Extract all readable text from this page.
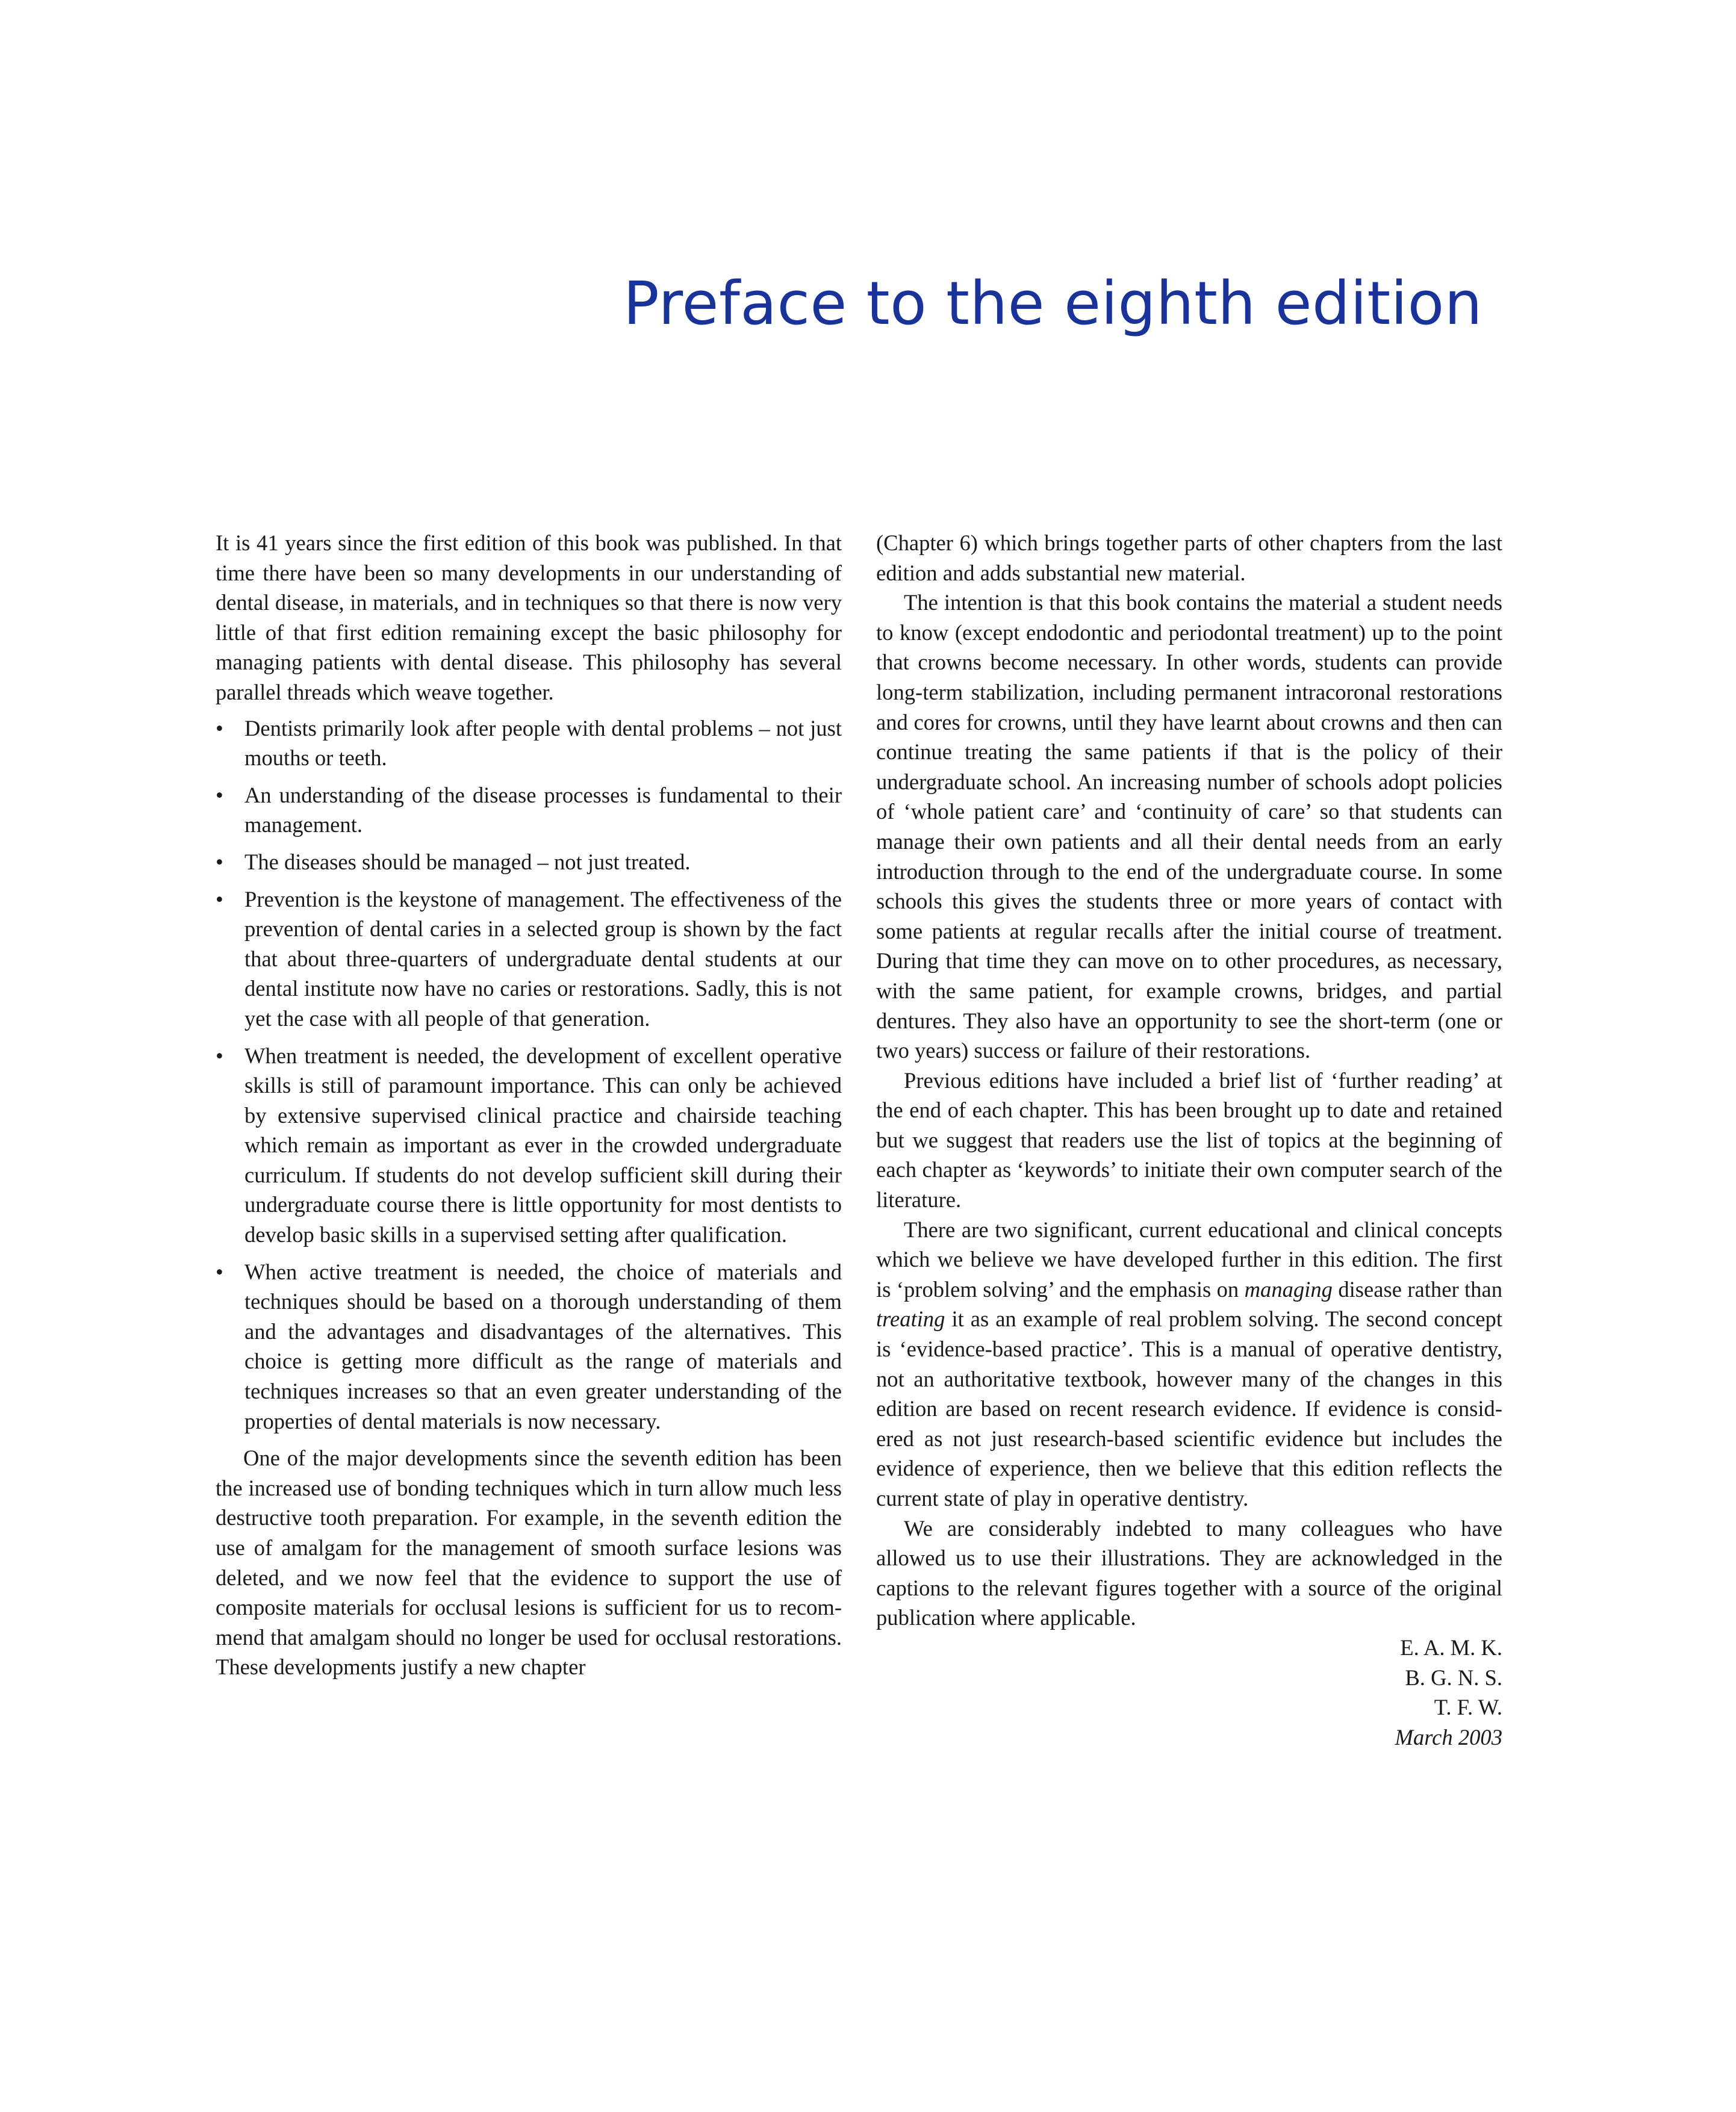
Preface to the eighth edition

It is 41 years since the first edition of this book was published. In that time there have been so many developments in our understanding of dental disease, in materials, and in techniques so that there is now very little of that first edition remaining except the basic philosophy for managing patients with dental disease. This philosophy has several parallel threads which weave together.

• Dentists primarily look after people with dental problems – not just mouths or teeth.
• An understanding of the disease processes is fundamental to their management.
• The diseases should be managed – not just treated.
• Prevention is the keystone of management. The effectiveness of the prevention of dental caries in a selected group is shown by the fact that about three-quarters of undergraduate dental students at our dental institute now have no caries or restorations. Sadly, this is not yet the case with all people of that generation.
• When treatment is needed, the development of excellent operative skills is still of paramount importance. This can only be achieved by extensive supervised clinical practice and chairside teaching which remain as important as ever in the crowded undergraduate curriculum. If students do not develop sufficient skill during their undergraduate course there is little opportunity for most dentists to develop basic skills in a supervised setting after qualification.
• When active treatment is needed, the choice of materials and techniques should be based on a thorough understanding of them and the advantages and disadvantages of the alternatives. This choice is getting more difficult as the range of materials and techniques increases so that an even greater understanding of the properties of dental materials is now necessary.

One of the major developments since the seventh edition has been the increased use of bonding techniques which in turn allow much less destructive tooth preparation. For example, in the seventh edition the use of amalgam for the management of smooth surface lesions was deleted, and we now feel that the evidence to support the use of composite materials for occlusal lesions is sufficient for us to recommend that amalgam should no longer be used for occlusal restorations. These developments justify a new chapter

(Chapter 6) which brings together parts of other chapters from the last edition and adds substantial new material.

The intention is that this book contains the material a student needs to know (except endodontic and periodontal treatment) up to the point that crowns become necessary. In other words, students can provide long-term stabilization, including permanent intracoronal restorations and cores for crowns, until they have learnt about crowns and then can continue treating the same patients if that is the policy of their undergraduate school. An increasing number of schools adopt policies of ‘whole patient care’ and ‘continuity of care’ so that students can manage their own patients and all their dental needs from an early introduction through to the end of the undergraduate course. In some schools this gives the students three or more years of contact with some patients at regular recalls after the initial course of treatment. During that time they can move on to other procedures, as necessary, with the same patient, for example crowns, bridges, and partial dentures. They also have an opportunity to see the short-term (one or two years) success or failure of their restorations.

Previous editions have included a brief list of ‘further reading’ at the end of each chapter. This has been brought up to date and retained but we suggest that readers use the list of topics at the beginning of each chapter as ‘keywords’ to initiate their own computer search of the literature.

There are two significant, current educational and clinical concepts which we believe we have developed further in this edition. The first is ‘problem solving’ and the emphasis on managing disease rather than treating it as an example of real problem solving. The second concept is ‘evidence-based practice’. This is a manual of operative dentistry, not an authoritative textbook, however many of the changes in this edition are based on recent research evidence. If evidence is considered as not just research-based scientific evidence but includes the evidence of experience, then we believe that this edition reflects the current state of play in operative dentistry.

We are considerably indebted to many colleagues who have allowed us to use their illustrations. They are acknowledged in the captions to the relevant figures together with a source of the original publication where applicable.

E. A. M. K.

B. G. N. S.

T. F. W.

March 2003
